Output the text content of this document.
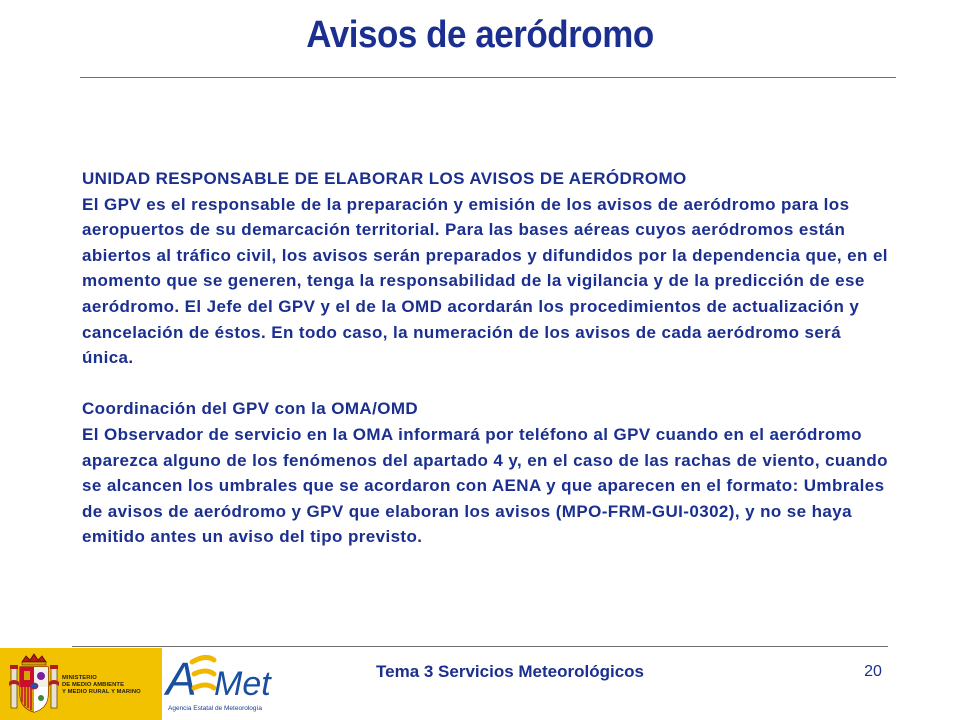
Avisos de aeródromo

UNIDAD RESPONSABLE DE ELABORAR LOS AVISOS DE AERÓDROMO

El GPV es el responsable de la preparación y emisión de los avisos de aeródromo para los aeropuertos de su demarcación territorial. Para las bases aéreas cuyos aeródromos están abiertos al tráfico civil, los avisos serán preparados y difundidos por la dependencia que, en el momento que se generen, tenga la responsabilidad de la vigilancia y de la predicción de ese aeródromo. El Jefe del GPV y el de la OMD acordarán los procedimientos de actualización y cancelación de éstos. En todo caso, la numeración de los avisos de cada aeródromo será única.

Coordinación del GPV con la OMA/OMD

El Observador de servicio en la OMA informará por teléfono al GPV cuando en el aeródromo aparezca alguno de los fenómenos del apartado 4 y, en el caso de las rachas de viento, cuando se alcancen los umbrales que se acordaron con AENA y que aparecen en el formato: Umbrales de avisos de aeródromo y GPV que elaboran los avisos (MPO-FRM-GUI-0302), y no se haya emitido antes un aviso del tipo previsto.

MINISTERIO
DE MEDIO AMBIENTE
Y MEDIO RURAL Y MARINO A Met
Agencia Estatal de Meteorología
Tema 3 Servicios Meteorológicos	20
